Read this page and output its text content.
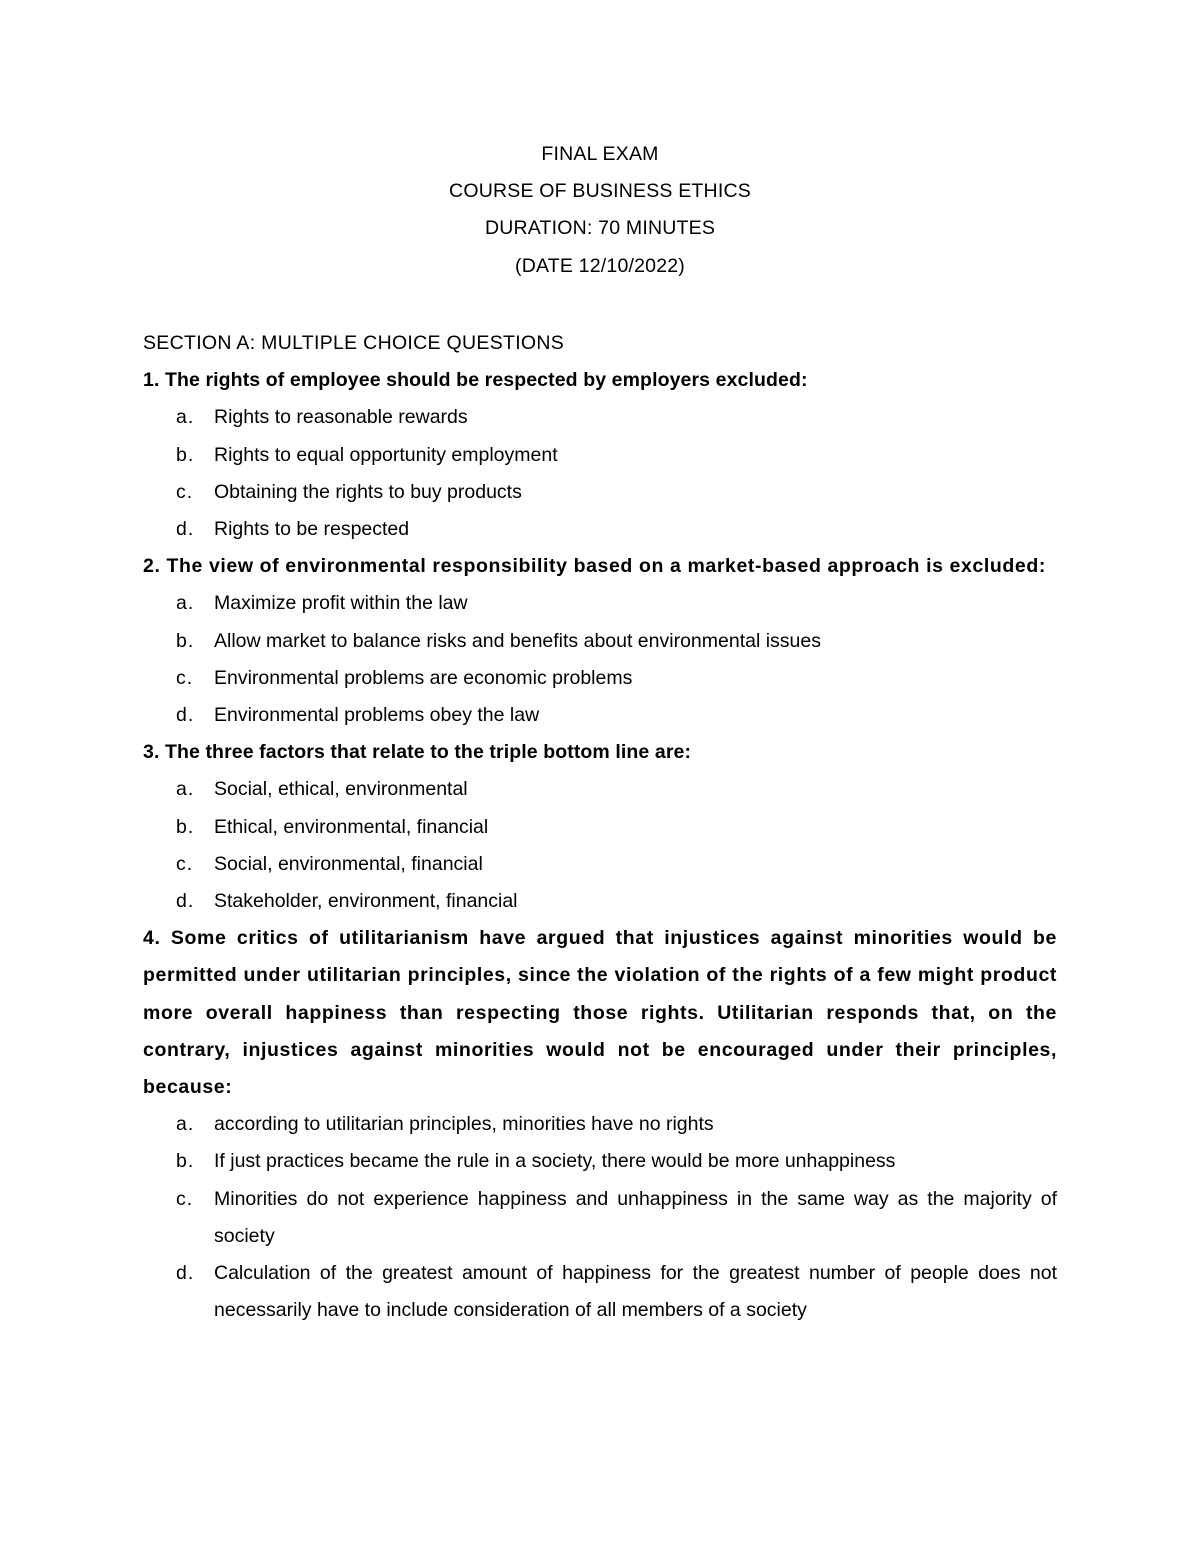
FINAL EXAM
COURSE OF BUSINESS ETHICS
DURATION: 70 MINUTES
(DATE 12/10/2022)

SECTION A: MULTIPLE CHOICE QUESTIONS

1. The rights of employee should be respected by employers excluded:

a.	Rights to reasonable rewards
b.	Rights to equal opportunity employment
c.	Obtaining the rights to buy products
d.	Rights to be respected

2. The view of environmental responsibility based on a market-based approach is excluded:

a.	Maximize profit within the law
b.	Allow market to balance risks and benefits about environmental issues
c.	Environmental problems are economic problems
d.	Environmental problems obey the law

3. The three factors that relate to the triple bottom line are:

a.	Social, ethical, environmental
b.	Ethical, environmental, financial
c.	Social, environmental, financial
d.	Stakeholder, environment, financial

4. Some critics of utilitarianism have argued that injustices against minorities would be permitted under utilitarian principles, since the violation of the rights of a few might product more overall happiness than respecting those rights. Utilitarian responds that, on the contrary, injustices against minorities would not be encouraged under their principles, because:

a.	according to utilitarian principles, minorities have no rights
b.	If just practices became the rule in a society, there would be more unhappiness
c.	Minorities do not experience happiness and unhappiness in the same way as the majority of society
d.	Calculation of the greatest amount of happiness for the greatest number of people does not necessarily have to include consideration of all members of a society
